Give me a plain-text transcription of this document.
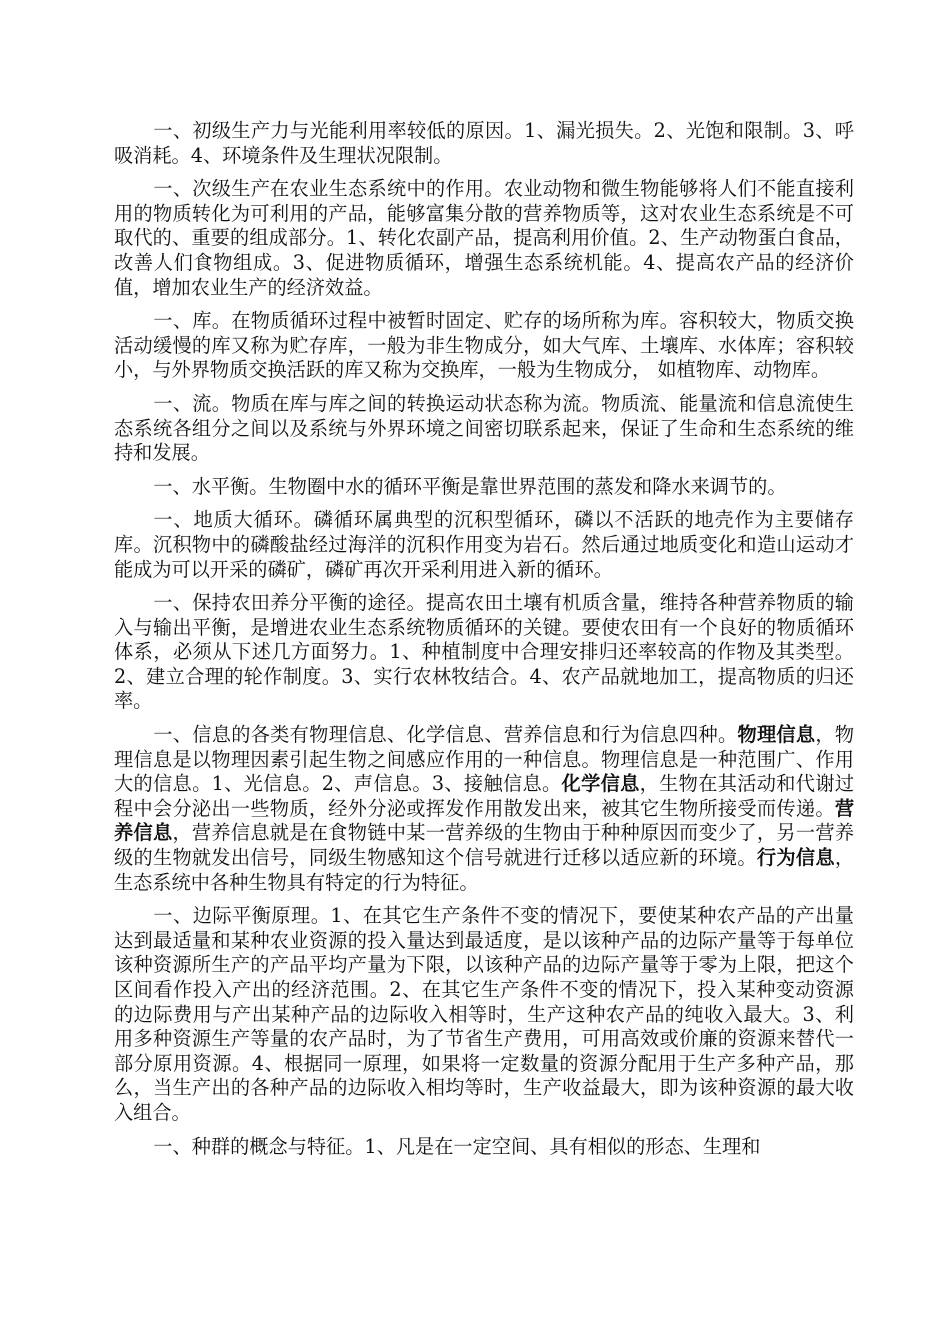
一、初级生产力与光能利用率较低的原因。1、漏光损失。2、光饱和限制。3、呼吸消耗。4、环境条件及生理状况限制。

一、次级生产在农业生态系统中的作用。农业动物和微生物能够将人们不能直接利用的物质转化为可利用的产品，能够富集分散的营养物质等，这对农业生态系统是不可取代的、重要的组成部分。1、转化农副产品，提高利用价值。2、生产动物蛋白食品，改善人们食物组成。3、促进物质循环，增强生态系统机能。4、提高农产品的经济价值，增加农业生产的经济效益。

一、库。在物质循环过程中被暂时固定、贮存的场所称为库。容积较大，物质交换活动缓慢的库又称为贮存库，一般为非生物成分，如大气库、土壤库、水体库；容积较小，与外界物质交换活跃的库又称为交换库，一般为生物成分， 如植物库、动物库。

一、流。物质在库与库之间的转换运动状态称为流。物质流、能量流和信息流使生态系统各组分之间以及系统与外界环境之间密切联系起来，保证了生命和生态系统的维持和发展。

一、水平衡。生物圈中水的循环平衡是靠世界范围的蒸发和降水来调节的。

一、地质大循环。磷循环属典型的沉积型循环，磷以不活跃的地壳作为主要储存库。沉积物中的磷酸盐经过海洋的沉积作用变为岩石。然后通过地质变化和造山运动才能成为可以开采的磷矿，磷矿再次开采利用进入新的循环。

一、保持农田养分平衡的途径。提高农田土壤有机质含量，维持各种营养物质的输入与输出平衡，是增进农业生态系统物质循环的关键。要使农田有一个良好的物质循环体系，必须从下述几方面努力。1、种植制度中合理安排归还率较高的作物及其类型。2、建立合理的轮作制度。3、实行农林牧结合。4、农产品就地加工，提高物质的归还率。

一、信息的各类有物理信息、化学信息、营养信息和行为信息四种。物理信息，物理信息是以物理因素引起生物之间感应作用的一种信息。物理信息是一种范围广、作用大的信息。1、光信息。2、声信息。3、接触信息。化学信息，生物在其活动和代谢过程中会分泌出一些物质，经外分泌或挥发作用散发出来，被其它生物所接受而传递。营养信息，营养信息就是在食物链中某一营养级的生物由于种种原因而变少了，另一营养级的生物就发出信号，同级生物感知这个信号就进行迁移以适应新的环境。行为信息，生态系统中各种生物具有特定的行为特征。

一、边际平衡原理。1、在其它生产条件不变的情况下，要使某种农产品的产出量达到最适量和某种农业资源的投入量达到最适度，是以该种产品的边际产量等于每单位该种资源所生产的产品平均产量为下限，以该种产品的边际产量等于零为上限，把这个区间看作投入产出的经济范围。2、在其它生产条件不变的情况下，投入某种变动资源的边际费用与产出某种产品的边际收入相等时，生产这种农产品的纯收入最大。3、利用多种资源生产等量的农产品时，为了节省生产费用，可用高效或价廉的资源来替代一部分原用资源。4、根据同一原理，如果将一定数量的资源分配用于生产多种产品，那么，当生产出的各种产品的边际收入相均等时，生产收益最大，即为该种资源的最大收入组合。

一、种群的概念与特征。1、凡是在一定空间、具有相似的形态、生理和
